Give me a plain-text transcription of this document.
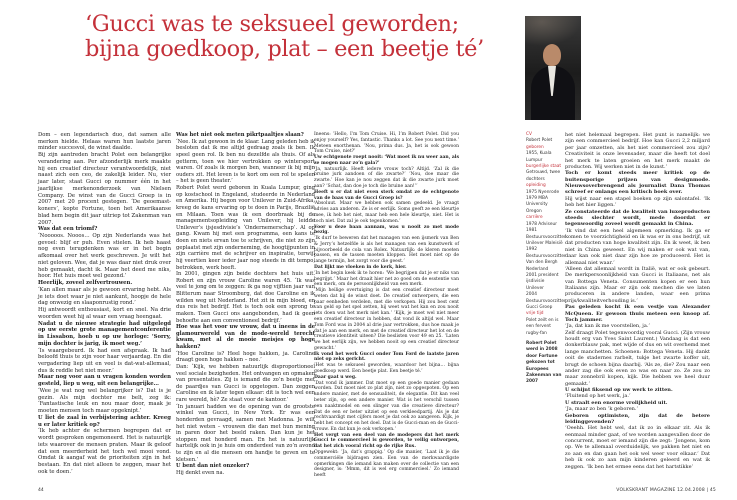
‘Gucci was te seksueel geworden; bijna goedkoop, plat – een beetje té’

Dom – een legendarisch duo, dat samen alle merken hielde. Helaas waren hun laatste jaren minder succesvol, de winst daalde.

Bij zijn aantreden bracht Polet een belangrijke verandering aan. Per afzonderlijk merk maakte hij een creatief directeur verantwoordelijk, niet naast zich een ceo, de zakelijk leider. Nu, vier jaar later, staat Gucci op nummer één in het jaarlijkse merkenonderzoek van Nielsen Company. De winst van de Gucci Groep is in 2007 met 20 procent gestegen. ‘De geoemast-koners’, kopte Fortune, toen het Amerikaanse blad hem begin dit jaar uitriep tot Zakenman van 2007.

Was dat een triomf?

‘Nooooos. Nooos… Op zijn Nederlands was het gevoel: blijf er puh. Even stielen. Ik heb haast nog even terugdenken was er in het begin afkomaal over het werk geschreven. Je wilt het niet geloven. Wee, dat je was daar niet druk over heb gemaakt, dacht ik. Maar het deed me niks, hoor. Het huis moet wel gezond.’

Heerlijk, zoveel zelfvertrouwen.

‘Kan allen maar als je gewoon ervaring hebt. Als je iets doet waar je niet aankunt, hoopje de hele dag onwezig en slaaponrustig rond.’

Hij antwoordt enthousiast, kort en snel. Na drie woorden weet hij al waar een vraag heengaat.

Nadat u de nieuwe strategie had uitgelegd op uw eerste grote managementconferentie in Lissabon, hoeb u op uw horloge: ‘Sorry, mijn dochter is jarig, ik moet weg.’

‘Is waargebeurd. Ik had een afspraak. Ik had beloofd thuis te zijn voor haar verjaardag. En die vergadering liep uit en veel is dat-wat-allemaal, dus ik reddle het niet meer.’

Maar nog voor aan u vragen konden worden gesteld, liep u weg, uit een belangrijke…

‘Wee je wat nog wel belangrijker is? Dat is je gezin. Als mijn dochter me belt, zeg ik: ‘Fantastische leuk en nou maar door, maak je moeten mensen toch maar opgeknipt.’

U liet de zaal in verbijstering achter. Kreeg u er later kritiek op?

‘Ik heb achter de schermen begrepen dat er wordt gesproken ongemoneerd. Het is natuurlijk iets waarover de mensen praten. Maar ik geloof dat een meerderheid het toch wel mooi vond. Omdat ik aangaf wat de prioriteiten zijn in het bestaan. En dat niet alleen te zeggen, maar het ook te doen.’

Was het niet ook meten pikrtpaaltjes slaan?

‘Nee. Ik zat gewoon in de klaar. Lang geleden heb ik besloten dat ik me altijd gedraag zoals ik ben. Ik speel geen rol. Ik ben nu dezelfde als thuis. Of als getterm, toen we hier vertrokken op wintersport waren. Of zoals ik morgen ben, wanneer ik bij mijn ouders zit. Het leven is te kort om een rol te spelen – het is geen theater.’

Robert Polet werd geboren in Kuala Lumpur, ging op kostschool in Engeland, studeerde in Nederland en Amerika. Hij begon voor Unilever in Zuid-Afrika, kreeg de kans ervaring op te doen in Parijs, Brazilië en Milaan. Toen was ik een doorbraak bij de managementsopleiding van Unilever, hij leidde Unilever’s ijsjesdivisie’s ‘Ondernemerschap’. Al op gang. Kwam hij met een programma, een kans te doen en niets ervan toe te schrijven, die niet zo zijn geplaatst met zijn onderneming, de hoogtijpunten in zijn carrière met de schrijver en inspiratie, terwijl hij veertien keer ieder jaar nog steeds in dit tempo, betrokken, werk heeft.

In 2001, gingen zijn beide dochters het huis uit. Robert en zijn vrouw Caroline waren 45. ‘Ik was veel te jong om te zeggen: ik ga nog vijftien jaar van Blitterum naar Stroomburg, dat doe Caroline en ik wilden weg uit Nederland. Het zit in mijn bloed, en dus reis het bedrijf. Het is toch ook een sprong te maken. Toen Gucci ons aangebonden, had ik geen behoefte aan een conventioneel bedrijf.’

Hoe was het voor uw vrouw, dat u ineens in de glamourwereld van de mode-wereld terecht kwam, met al de mooie meisjes op hoge hakken?

‘Hoe Caroline is? Heel hoge hakken, ja. Caroline draagt geen hoge hakken – nee.’

Dan: ‘Kijk, we hebben natuurlijk disproportioneel veel sociale bezigheden. Het ontvangen en opmaken van presentaties. Zij is iemand die zo’n beetje met de paardjes van Gucci is opgetogen. Dan zeggen Caroline en ik later tegen elkaar: dit is toch wel een rare wereld, hè? Ze staat voor de kantoor.’

‘In januari hadden we de opening van de grootste winkel van Gucci, in New York. Er was een honderden gevraagd, samen met Madonna. Je wilt het niet weten – vrouwen die dan met hun mening in paren door het beeld raken. Dan kun je het stoppen met honderd man. En het is natuurlijk hartelijk ook in je huis om onderdeel van zo’n avond te zijn en al die mensen om handje te geven en te kletsen.’

U bent dan niet onzeker?

Hij denkt even na.

Ineens: ‘Hello, I’m Tom Cruise. Hi, I’m Robert Polet. Did you enjoy yourself? Yes, fantastic. Thanks a lot. See you next time.’ Meteen enorthenan. ‘Nou, prima dus. Ja, het is ook gewoon Tom Cruise, niet?’

Uw echtgenote roept nooit: ‘Wat moet ik nu weer aan, als ze mogen naar zo’n gala?’

‘Ja, natuurlijk. Heeft iedere vrouw toch? Altijd. ‘Zal ik die bruine jurk aandoen of die zwarte?’ ‘Nou, doe maar die zwarte.’ Hoe kan je nou zeggen dat ik die zwarte jurk moet aan? ‘Schat, dan doe je toch die bruine aan!’’

Heeft u er dat niet even sterk omdat ze de echtgenote van de baas van de Gucci Groep is?

‘Absoluut. Maar we hebben ook samen gedeeld. Je vraagt advies aan anderen. Ze is er eerlijk. Soms geeft ze een kleurtje mee, ik heb het niet, maar heb een hele kleurtje, niet. Het is toch niet. Dat zal je ook tegenkomen.’

Voor u deze baan aannam, was u nooit zo met mode bezig.

‘Ik durf te beweren dat het managen van een ijsmerk van Ben & Jerry’s hetzelfde is als het managen van een kunstwerk of bijvoorbeeld de cola van Rolex. Natuurlijk: de kleren moeten passen, en de tassen moeten kloppen. Het moet niet op de lange termijn, het zorgt voor die geest.’

Dat lijkt me vloeken in de kerk, hier.

‘In het begin keek ik te horen: ‘We begrijpen dat je er niks van begrijpt.’ Maar het draait hier net zo goed om de esstentie van een merk, om de persoonlijkheid van een merk.

‘Mijn heilige overtuiging is dat een creatief directeur moet weten dat hij de winst doet. De creatief ontwerpers, die een paar eenheden verdelen, met die verkopen. Hij zou best cent van geld op het spel zetten, hij weet wat het kan en zou nooit iets doen wat het merk niet kan.’ ‘Kijk, je moet wel niet meer een creatief directeur in hebben, dat vond ik altijd wel. Maar Tom Ford was in 2004 al drie jaar vertrokken, dus hoe maak je dat je aan een merk, en met de creatief directeur het lot en de creatieve identiteit uiteen? Die beslisten voor 49 en 25. ‘Laten we het eerlijk zijn, we hebben nooit op een creatief directeur gewacht.’

Ik vond het werk Gucci onder Tom Ford de laatste jaren niet op zeks gericht.

‘Het was te seksueel geworden, waardoor het bijna… bijna goedkoop werd. Een beetje plat. Een beetje té.’

Daar gaat u weg.

‘Dat vond ik jammer. Dat moet op een goede manier gedaan worden. Dat moet niet zo plat zijn, niet zo opgespoten. Op een andere manier, met de sensualiteit, de elegantie. Dit kan veel beter zijn, op een andere manier. Wat is het verschil tussen een naaktmodel en een slinger van die creatieve directeur? Dat de een er beter uitziet op een verkleedpartij. Als je dat rechtvaardigt met cijfers moet je dat ook zo aangeven. Kijk, je hebt het concept en het doel. Dat is de Gucci-man en de Gucci-vrouw. En dat kun je ook verkopen.’

Het vergt van een deel van de modepers dat het merk Gucci te commercieel is geworden, te veilig ontworpen, dat het zich vooral richt op de rijke Rus.

Opgewekt: ‘Ja, dat’s grappig.’ Op die manier, ‘Laat ik je die commerciële bijdragen zien. Een van de merkwaardigste opmerkingen die iemand kan maken over de collectie van een designer, is: ‘Mmm, dit is wel erg commercieel.’ Zo iemand heeft

CV
Robert Polet
geboren
1955, Kuala Lumpur
burgerlijke staat
Getrouwd, twee dochters
opleiding
1975 Nyenrode
1979 MBA University
Oregon
carrière
1978 Adviseur
1981 Bestuursvoorzitter
Unilever Maleisië
1992 Bestuursvoorzitter
Van den Bergh Nederland
2001 president ijsdivisie
Unilever
2004 Bestuursvoorzitter
Gucci Groep
vrije tijd
Polet zeilt en is een fervent
rugby-fan
Robert Polet werd in 2008 door Fortune gekozen tot Europees Zakenman van 2007

het niet helemaal begrepen. Het punt is namelijk: we zijn een commercieel bedrijf. Hoe kan Gucci 2,2 miljard per jaar omzetten, als het niet commercieel zou zijn? Creativiteit is onze levensader, maar die heeft tot doel het merk te laten groeien en het merk maakt de producten. Wij werken niet in de kunst.’

Toch er komt steeds meer kritiek op de buitensporige prijzen van designmode. Nieuwsoverbrengend als journalist Dana Thomas schreef er onlangs een kritisch boek over.

Hij wijst naar een stapel boeken op zijn salontafel. ‘Ik heb het hier liggen.’

Ze constateerde dat de kwaliteit van luxeproducten steeds slechter wordt, mede doordat er tegenwoordig zoveel wordt gemaakt in China.

‘Ik vind dat een heel algemeen opmerking. Ik ga er komen te voorzichtigheid en ik was er in ons bedrijf, uit dat producten van hoge kwaliteit zijn. En ik weet, ik ben niet in China geweest. En wij maken er ook wat van, daar kan ook niet daar zijn hoe ze produceerd. Het is allemaal niet waar.’

‘Alleen dat allemaal wordt in Italië, wat er ook gebeurt. De merkpersoonlijkheid van Gucci is Italiaans, net als van Bottega Veneta. Consumenten kopen er een hun Italiaans zijn. Maar er zijn ook mechen die we laten produceren in andere landen, waar een prima prijs/kwaliteitverhouding is.’

Pas geleden kocht ik een vestje van Alexander McQueen. Er gewoon thuis meteen een knoop af. Toch jammer.

‘Ja, dat kan ik me voorstellen, ja.’

Zelf draagt Polet tegenwoordig vooral Gucci. (Zijn vrouw houdt erg van Yves Saint Laurent.) Vandaag is dat een donkerblauw pak, met wijde of dus en wit overhemd met lange manchetten. Schoenen: Bottega Veneta. Hij dankt ooit de stadernes rarbelt, tukje het zwarte koffer uit, brugt de schoen bijna daarbij. ‘Als ze, die? Zou naar een ander zag die ook even zo was en naar zo. Ze zou zo maar zonnebril kopen, kijk. Die hebben we heel duur gemaakt.’

U schijnt fiksend op uw werk te zitten.

‘Fluitend op het werk, ja.’

U straalt een enorme vrolijkheid uit.

‘Ja, maar zo ben ’k geboren.’

Geboren optimisten, zijn dat de betere leidinggevenden?

‘Oeehh. Het hebt wel, dat ik zo in elkaar zit. Als ik eenmaal minder gaat, of we worden aangevallen door de concurrent, moet er iemand zijn die zegt: ‘Jongens, kom op. We te allemaal overduidelijk, we pakken het niet en zo aan en dan gaan het ook wel weer voor elkaar.’ Dat heb ik ook zo aan mijn kinderen geleerd en wat ik zeggen. ‘Ik ben het ermee eens dat het hartstikke’

44	VOLKSKRANT MAGAZINE 12.04.2008 | 45
